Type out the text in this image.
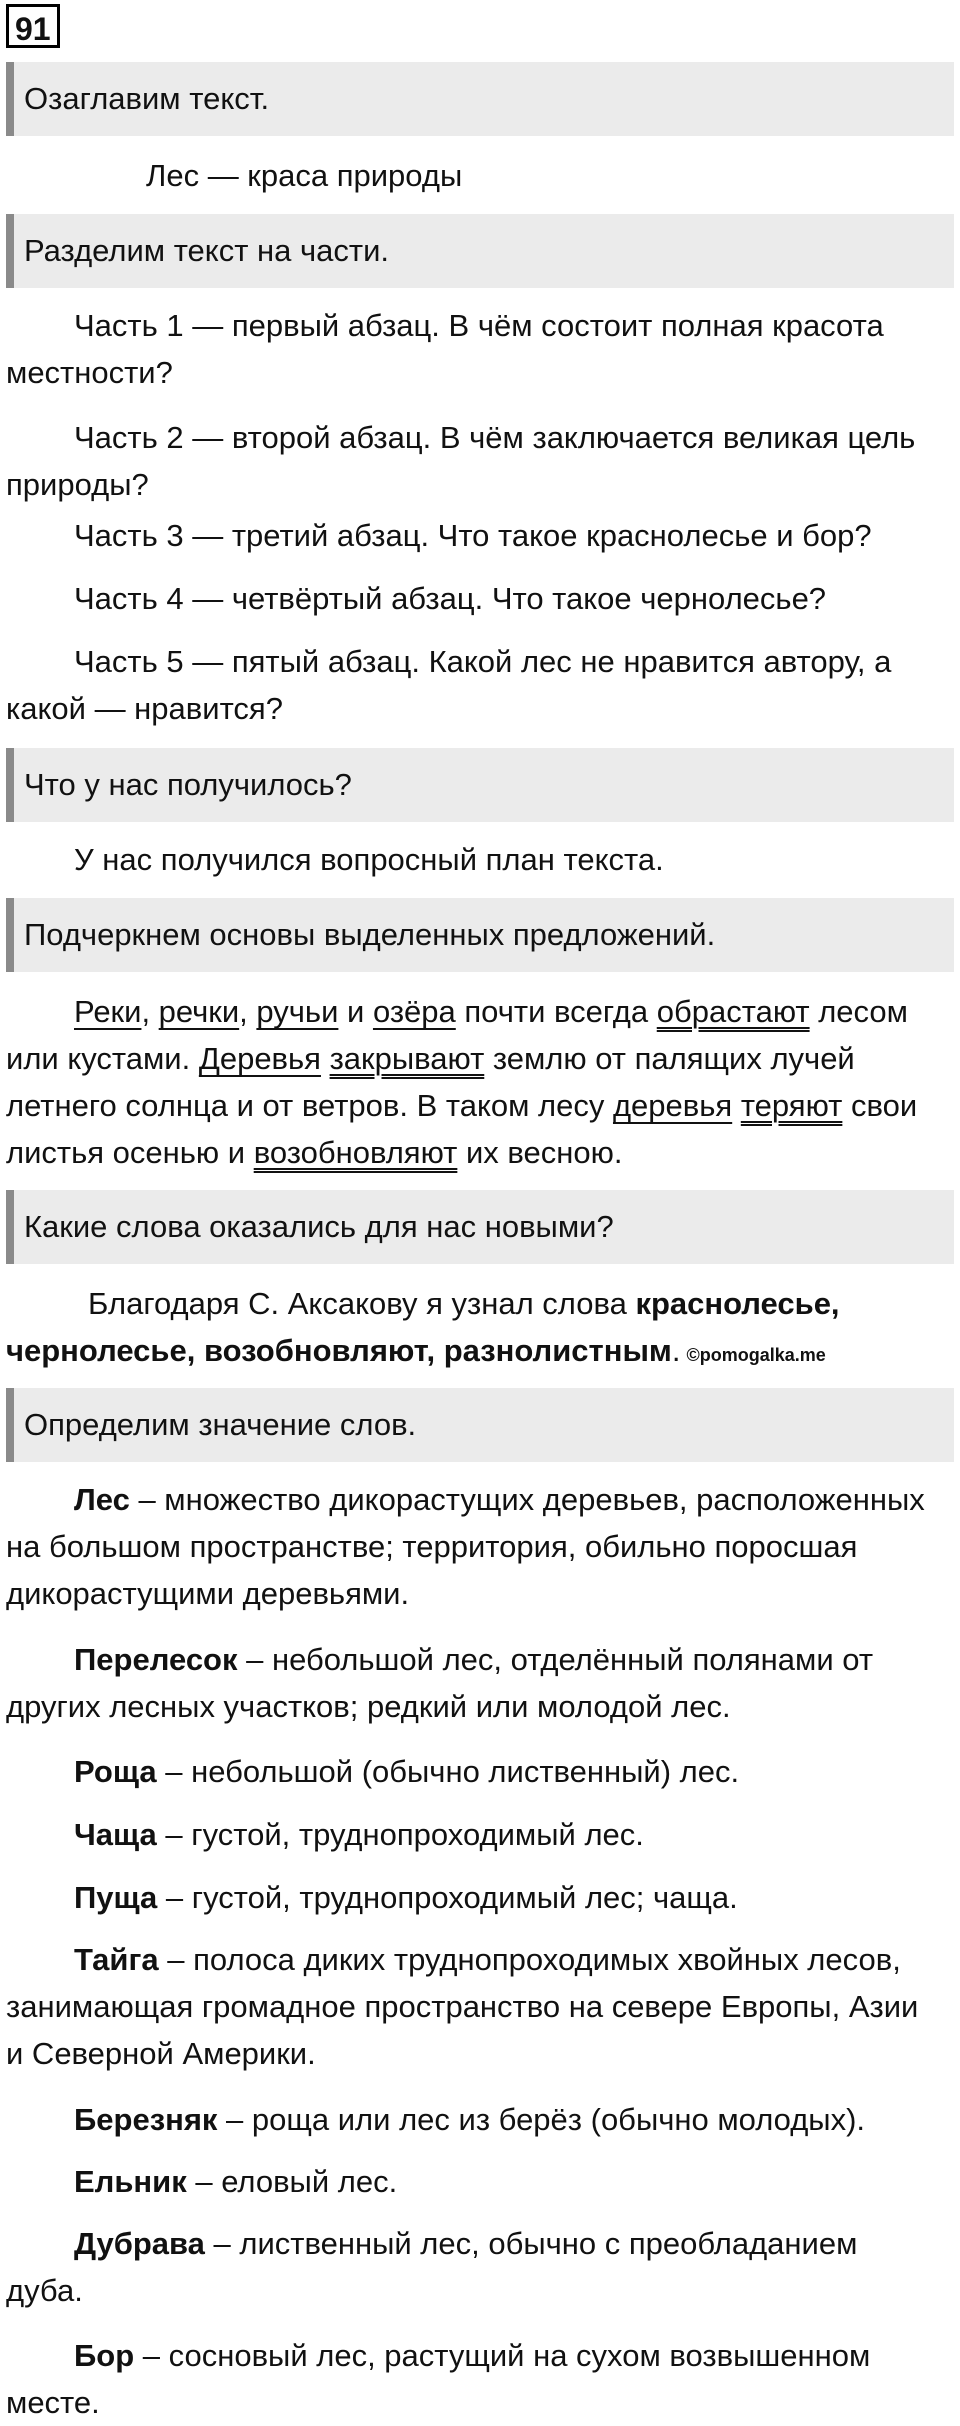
91
Озаглавим текст.
Лес — краса природы
Разделим текст на части.

Часть 1 — первый абзац. В чём состоит полная красота местности?

Часть 2 — второй абзац. В чём заключается великая цель природы?

Часть 3 — третий абзац. Что такое краснолесье и бор?

Часть 4 — четвёртый абзац. Что такое чернолесье?

Часть 5 — пятый абзац. Какой лес не нравится автору, а какой — нравится?

Что у нас получилось?

У нас получился вопросный план текста.

Подчеркнем основы выделенных предложений.

Реки, речки, ручьи и озёра почти всегда обрастают лесом или кустами. Деревья закрывают землю от палящих лучей летнего солнца и от ветров. В таком лесу деревья теряют свои листья осенью и возобновляют их весною.

Какие слова оказались для нас новыми?

Благодаря С. Аксакову я узнал слова краснолесье, чернолесье, возобновляют, разнолистным. ©pomogalka.me

Определим значение слов.

Лес – множество дикорастущих деревьев, расположенных на большом пространстве; территория, обильно поросшая дикорастущими деревьями.

Перелесок – небольшой лес, отделённый полянами от других лесных участков; редкий или молодой лес.

Роща – небольшой (обычно лиственный) лес.

Чаща – густой, труднопроходимый лес.

Пуща – густой, труднопроходимый лес; чаща.

Тайга – полоса диких труднопроходимых хвойных лесов, занимающая громадное пространство на севере Европы, Азии и Северной Америки.

Березняк – роща или лес из берёз (обычно молодых).

Ельник – еловый лес.

Дубрава – лиственный лес, обычно с преобладанием дуба.

Бор – сосновый лес, растущий на сухом возвышенном месте.
